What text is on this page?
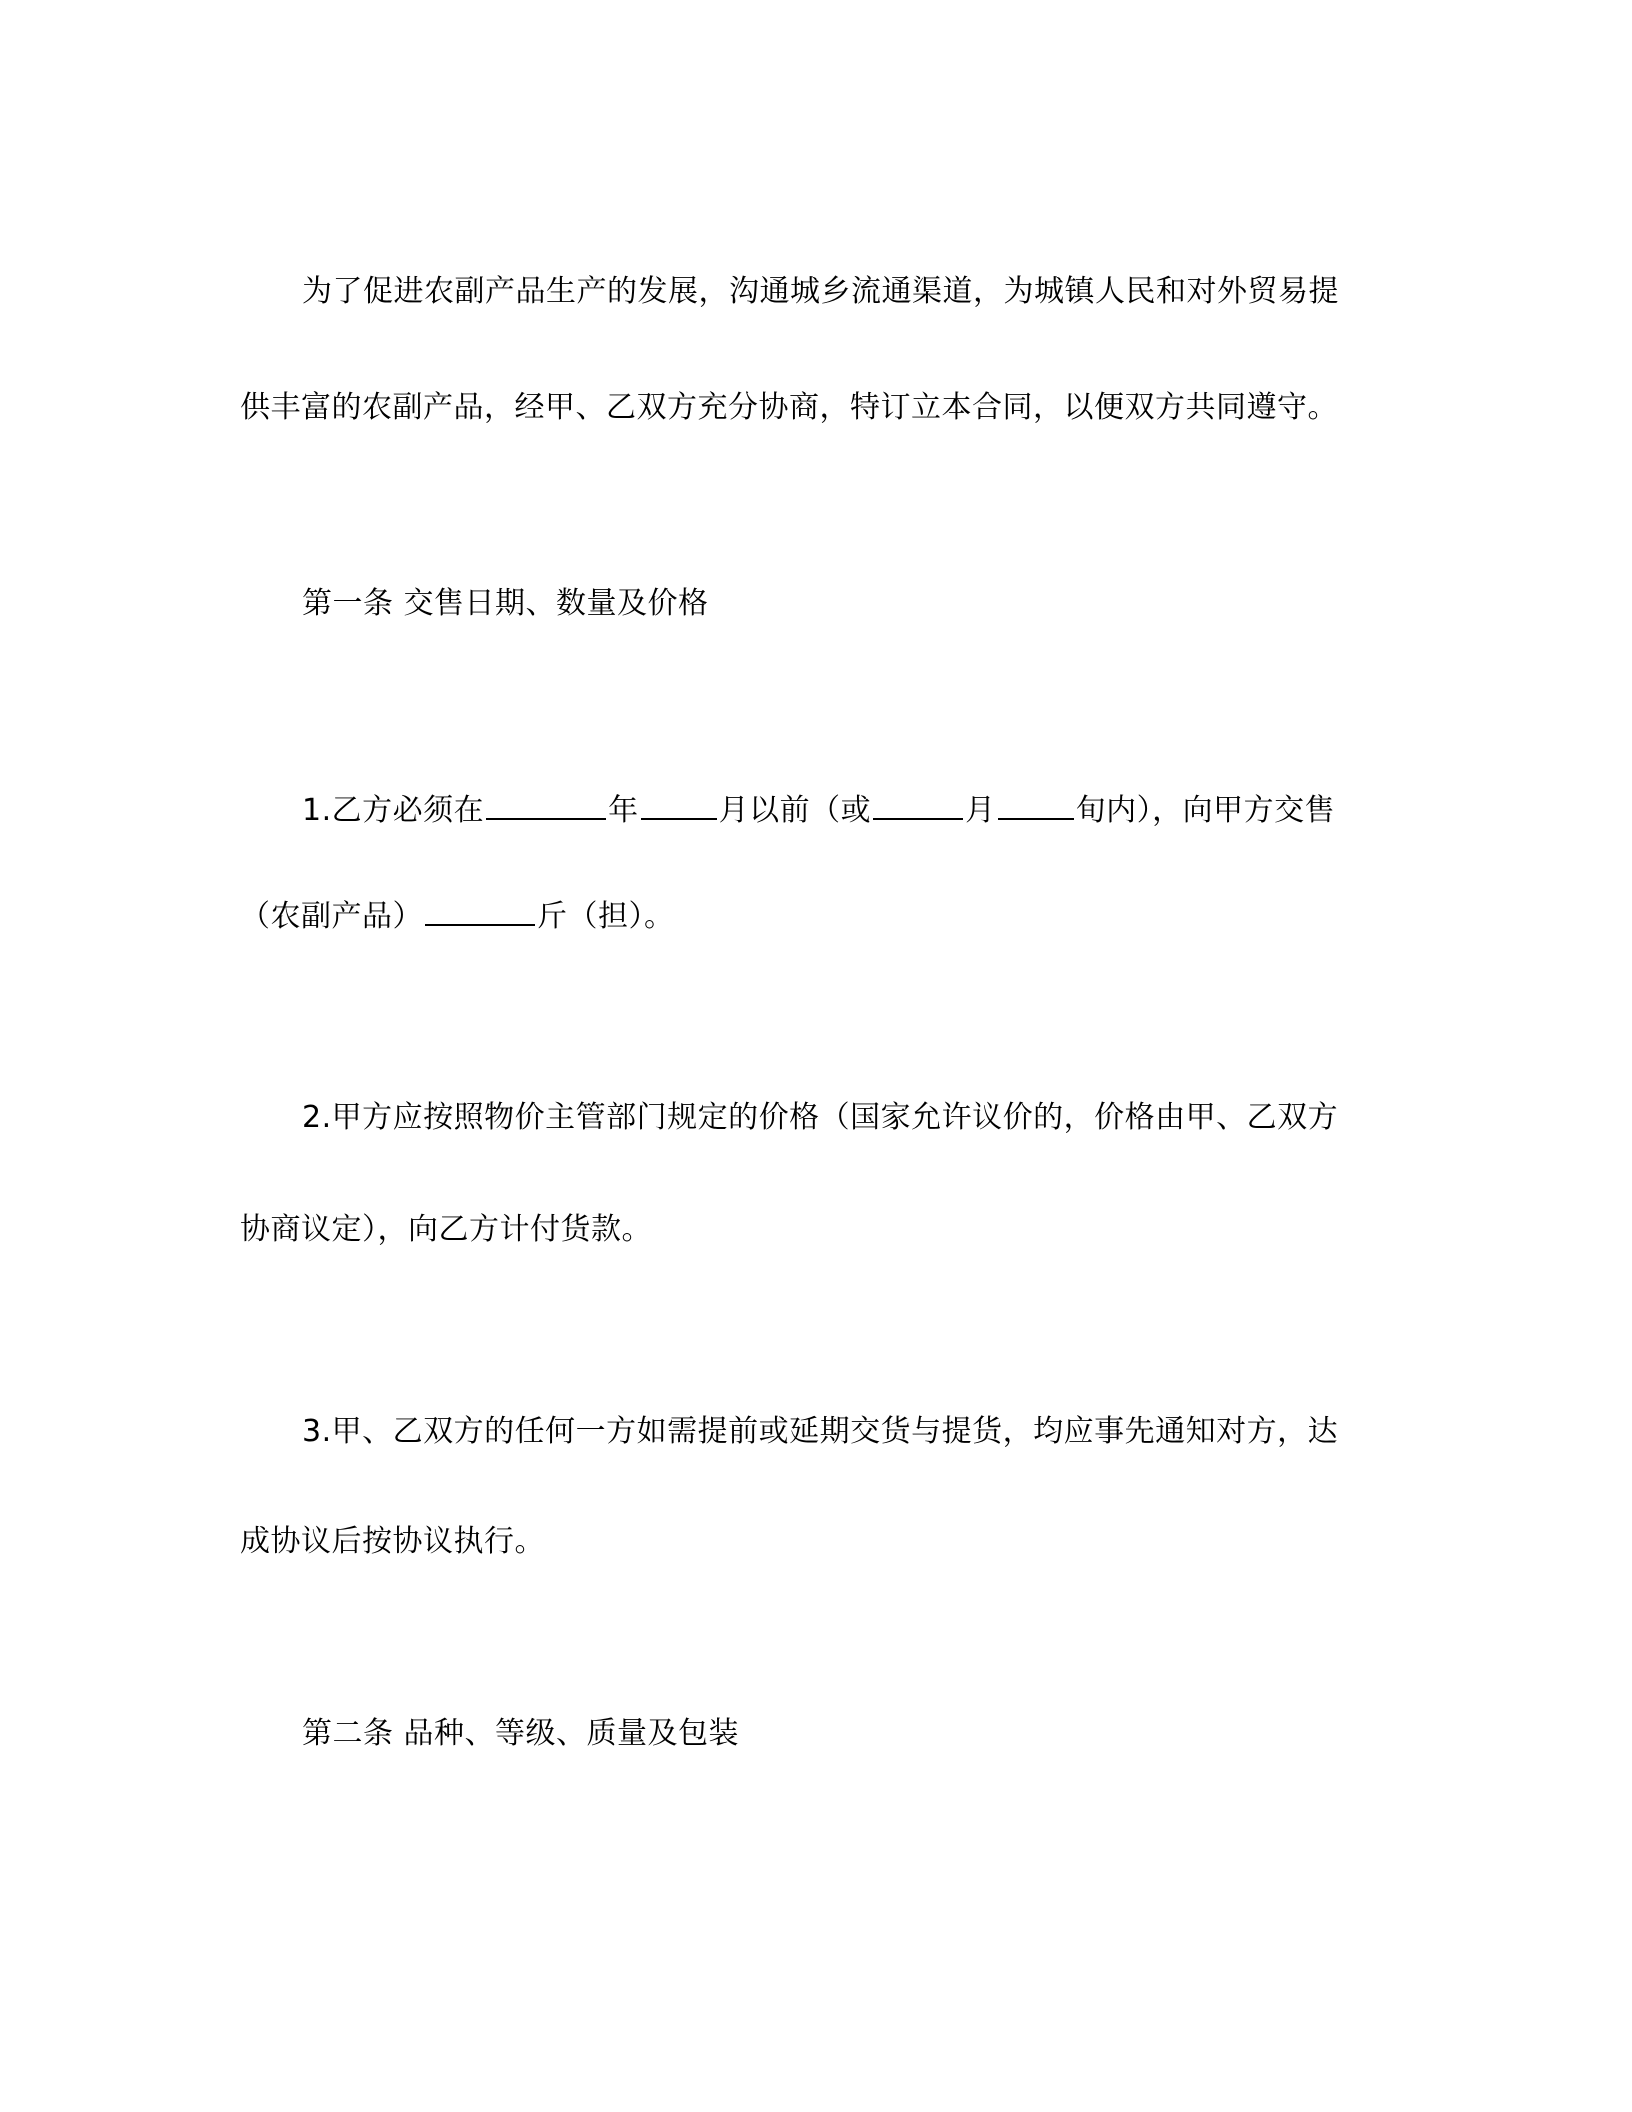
为了促进农副产品生产的发展，沟通城乡流通渠道，为城镇人民和对外贸易提
供丰富的农副产品，经甲、乙双方充分协商，特订立本合同，以便双方共同遵守。
第一条 交售日期、数量及价格
1.乙方必须在	年	月以前（或	月	旬内），向甲方交售
（农副产品）	斤（担）。
2.甲方应按照物价主管部门规定的价格（国家允许议价的，价格由甲、乙双方
协商议定），向乙方计付货款。
3.甲、乙双方的任何一方如需提前或延期交货与提货，均应事先通知对方，达
成协议后按协议执行。
第二条 品种、等级、质量及包装
